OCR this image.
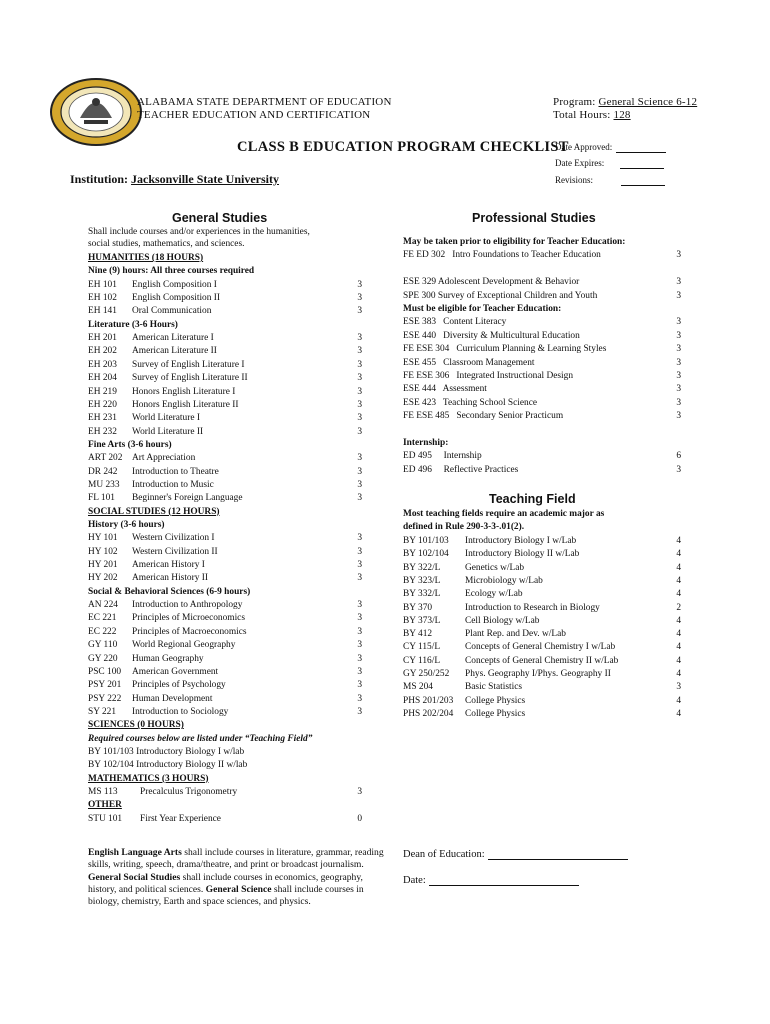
ALABAMA STATE DEPARTMENT OF EDUCATION
TEACHER EDUCATION AND CERTIFICATION
Program: General Science 6-12
Total Hours: 128
CLASS B EDUCATION PROGRAM CHECKLIST
Date Approved:
Date Expires:
Revisions:
Institution: Jacksonville State University
General Studies	Professional Studies
Shall include courses and/or experiences in the humanities,
social studies, mathematics, and sciences.
HUMANITIES (18 HOURS)
Nine (9) hours: All three courses required
EH 101 English Composition I	3
EH 102 English Composition II	3
EH 141 Oral Communication	3
Literature (3-6 Hours)
EH 201 American Literature I	3
EH 202 American Literature II	3
EH 203 Survey of English Literature I	3
EH 204 Survey of English Literature II	3
EH 219 Honors English Literature I	3
EH 220 Honors English Literature II	3
EH 231 World Literature I	3
EH 232 World Literature II	3
Fine Arts (3-6 hours)
ART 202 Art Appreciation	3
DR 242 Introduction to Theatre	3
MU 233 Introduction to Music	3
FL 101 Beginner's Foreign Language	3
SOCIAL STUDIES (12 HOURS)
History (3-6 hours)
HY 101 Western Civilization I	3
HY 102 Western Civilization II	3
HY 201 American History I	3
HY 202 American History II	3
Social & Behavioral Sciences (6-9 hours)
AN 224 Introduction to Anthropology	3
EC 221 Principles of Microeconomics	3
EC 222 Principles of Macroeconomics	3
GY 110 World Regional Geography	3
GY 220 Human Geography	3
PSC 100 American Government	3
PSY 201 Principles of Psychology	3
PSY 222 Human Development	3
SY 221 Introduction to Sociology	3
SCIENCES (0 HOURS)
Required courses below are listed under “Teaching Field”
BY 101/103 Introductory Biology I w/lab
BY 102/104 Introductory Biology II w/lab
MATHEMATICS (3 HOURS)
MS 113 Precalculus Trigonometry	3
OTHER
STU 101 First Year Experience	0
May be taken prior to eligibility for Teacher Education:
FE ED 302   Intro Foundations to Teacher Education	3
ESE 329 Adolescent Development & Behavior	3
SPE 300 Survey of Exceptional Children and Youth	3
Must be eligible for Teacher Education:
ESE 383   Content Literacy	3
ESE 440   Diversity & Multicultural Education	3
FE ESE 304   Curriculum Planning & Learning Styles	3
ESE 455   Classroom Management	3
FE ESE 306   Integrated Instructional Design	3
ESE 444   Assessment	3
ESE 423   Teaching School Science	3
FE ESE 485   Secondary Senior Practicum	3
Internship:
ED 495     Internship	6
ED 496     Reflective Practices	3
Teaching Field
Most teaching fields require an academic major as
defined in Rule 290-3-3-.01(2).
BY 101/103 Introductory Biology I w/Lab	4
BY 102/104 Introductory Biology II w/Lab	4
BY 322/L	Genetics w/Lab	4
BY 323/L	Microbiology w/Lab	4
BY 332/L	Ecology w/Lab	4
BY 370	Introduction to Research in Biology	2
BY 373/L	Cell Biology w/Lab	4
BY 412	Plant Rep. and Dev. w/Lab	4
CY 115/L	Concepts of General Chemistry I w/Lab	4
CY 116/L	Concepts of General Chemistry II w/Lab	4
GY 250/252 Phys. Geography I/Phys. Geography II	4
MS 204	Basic Statistics	3
PHS 201/203 College Physics	4
PHS 202/204 College Physics	4
English Language Arts shall include courses in literature, grammar, reading skills, writing, speech, drama/theatre, and print or broadcast journalism. General Social Studies shall include courses in economics, geography, history, and political sciences. General Science shall include courses in biology, chemistry, Earth and space sciences, and physics.
Dean of Education:
Date:
